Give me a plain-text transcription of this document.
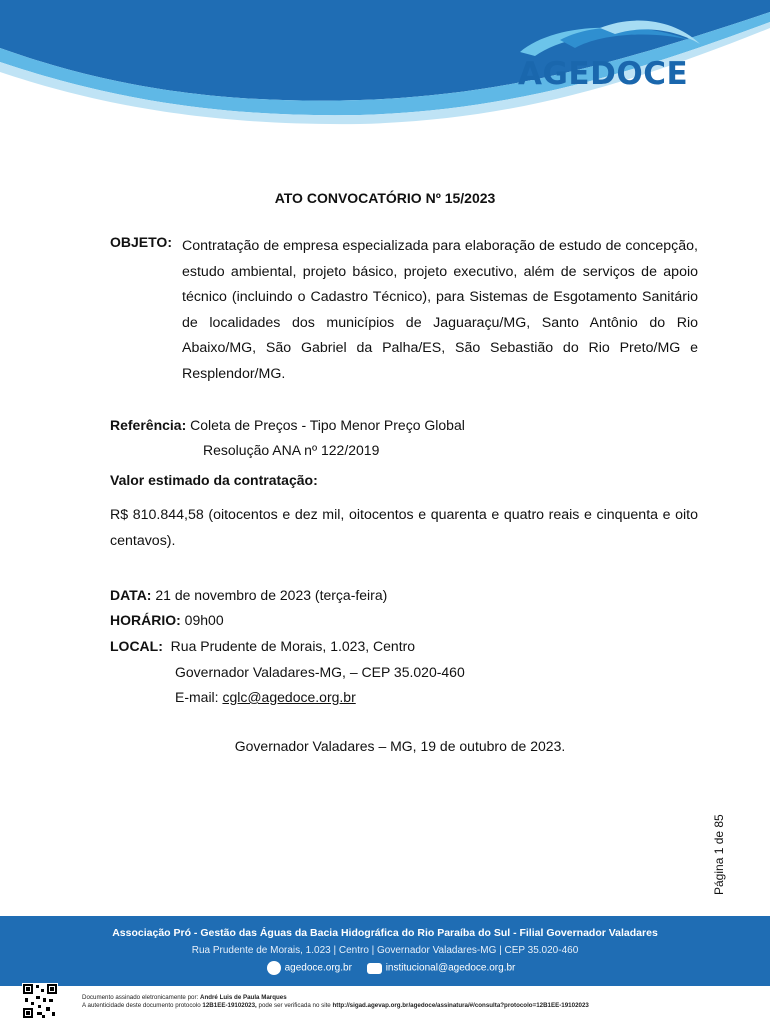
AGEDOCE
ATO CONVOCATÓRIO Nº 15/2023
OBJETO: Contratação de empresa especializada para elaboração de estudo de concepção, estudo ambiental, projeto básico, projeto executivo, além de serviços de apoio técnico (incluindo o Cadastro Técnico), para Sistemas de Esgotamento Sanitário de localidades dos municípios de Jaguaraçu/MG, Santo Antônio do Rio Abaixo/MG, São Gabriel da Palha/ES, São Sebastião do Rio Preto/MG e Resplendor/MG.
Referência: Coleta de Preços - Tipo Menor Preço Global
Resolução ANA nº 122/2019
Valor estimado da contratação:
R$ 810.844,58 (oitocentos e dez mil, oitocentos e quarenta e quatro reais e cinquenta e oito centavos).
DATA: 21 de novembro de 2023 (terça-feira)
HORÁRIO: 09h00
LOCAL: Rua Prudente de Morais, 1.023, Centro
Governador Valadares-MG, – CEP 35.020-460
E-mail: cglc@agedoce.org.br
Governador Valadares – MG, 19 de outubro de 2023.
Página 1 de 85
Associação Pró - Gestão das Águas da Bacia Hidográfica do Rio Paraíba do Sul - Filial Governador Valadares
Rua Prudente de Morais, 1.023 | Centro | Governador Valadares-MG | CEP 35.020-460
agedoce.org.br	institucional@agedoce.org.br
Documento assinado eletronicamente por: André Luis de Paula Marques
A autenticidade deste documento protocolo 12B1EE-19102023, pode ser verificada no site http://sigad.agevap.org.br/agedoce/assinatura/#/consulta?protocolo=12B1EE-19102023
